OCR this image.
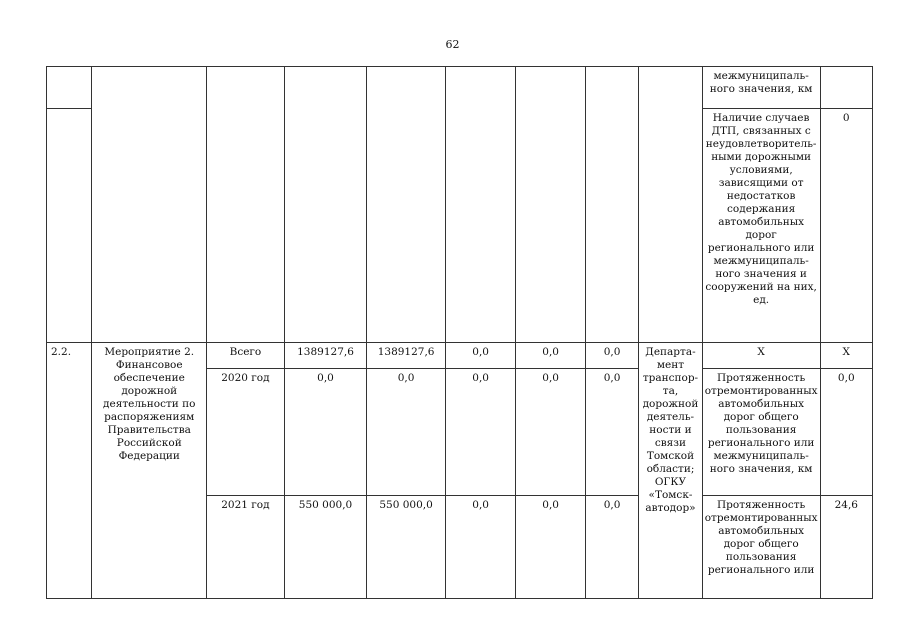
62
									межмуниципаль-ного значения, км	
									Наличие случаев ДТП, связанных с неудовлетворитель-ными дорожными условиями, зависящими от недостатков содержания автомобильных дорог регионального или межмуниципаль-ного значения и сооружений на них, ед.	0
2.2.	Мероприятие 2. Финансовое обеспечение дорожной деятельности по распоряжениям Правительства Российской Федерации	Всего	1389127,6	1389127,6	0,0	0,0	0,0	Департа-мент транспор-та, дорожной деятель-ности и связи Томской области; ОГКУ «Томск-автодор»	Х	Х
		2020 год	0,0	0,0	0,0	0,0	0,0		Протяженность отремонтированных автомобильных дорог общего пользования регионального или межмуниципаль-ного значения, км	0,0
		2021 год	550 000,0	550 000,0	0,0	0,0	0,0		Протяженность отремонтированных автомобильных дорог общего пользования регионального или	24,6
